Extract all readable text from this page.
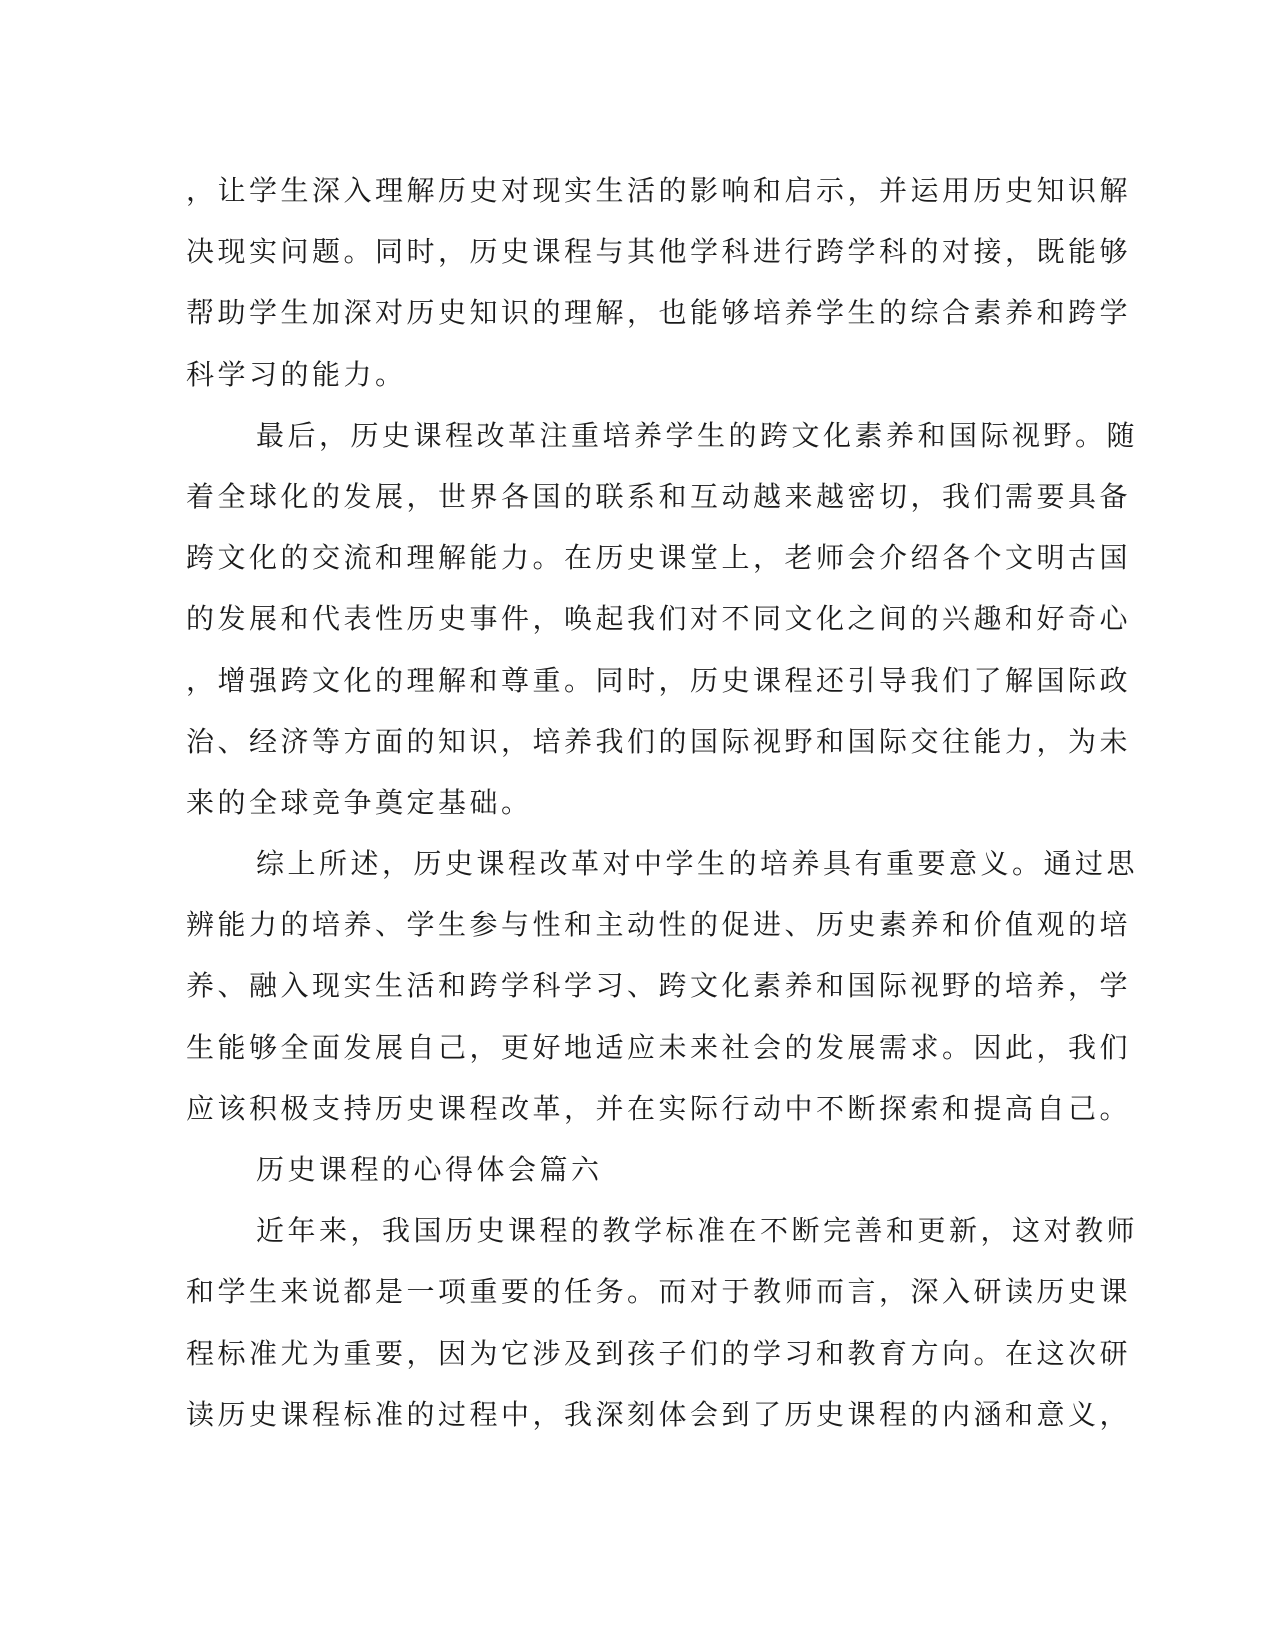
，让学生深入理解历史对现实生活的影响和启示，并运用历史知识解
决现实问题。同时，历史课程与其他学科进行跨学科的对接，既能够
帮助学生加深对历史知识的理解，也能够培养学生的综合素养和跨学
科学习的能力。
最后，历史课程改革注重培养学生的跨文化素养和国际视野。随
着全球化的发展，世界各国的联系和互动越来越密切，我们需要具备
跨文化的交流和理解能力。在历史课堂上，老师会介绍各个文明古国
的发展和代表性历史事件，唤起我们对不同文化之间的兴趣和好奇心
，增强跨文化的理解和尊重。同时，历史课程还引导我们了解国际政
治、经济等方面的知识，培养我们的国际视野和国际交往能力，为未
来的全球竞争奠定基础。
综上所述，历史课程改革对中学生的培养具有重要意义。通过思
辨能力的培养、学生参与性和主动性的促进、历史素养和价值观的培
养、融入现实生活和跨学科学习、跨文化素养和国际视野的培养，学
生能够全面发展自己，更好地适应未来社会的发展需求。因此，我们
应该积极支持历史课程改革，并在实际行动中不断探索和提高自己。
历史课程的心得体会篇六
近年来，我国历史课程的教学标准在不断完善和更新，这对教师
和学生来说都是一项重要的任务。而对于教师而言，深入研读历史课
程标准尤为重要，因为它涉及到孩子们的学习和教育方向。在这次研
读历史课程标准的过程中，我深刻体会到了历史课程的内涵和意义，
